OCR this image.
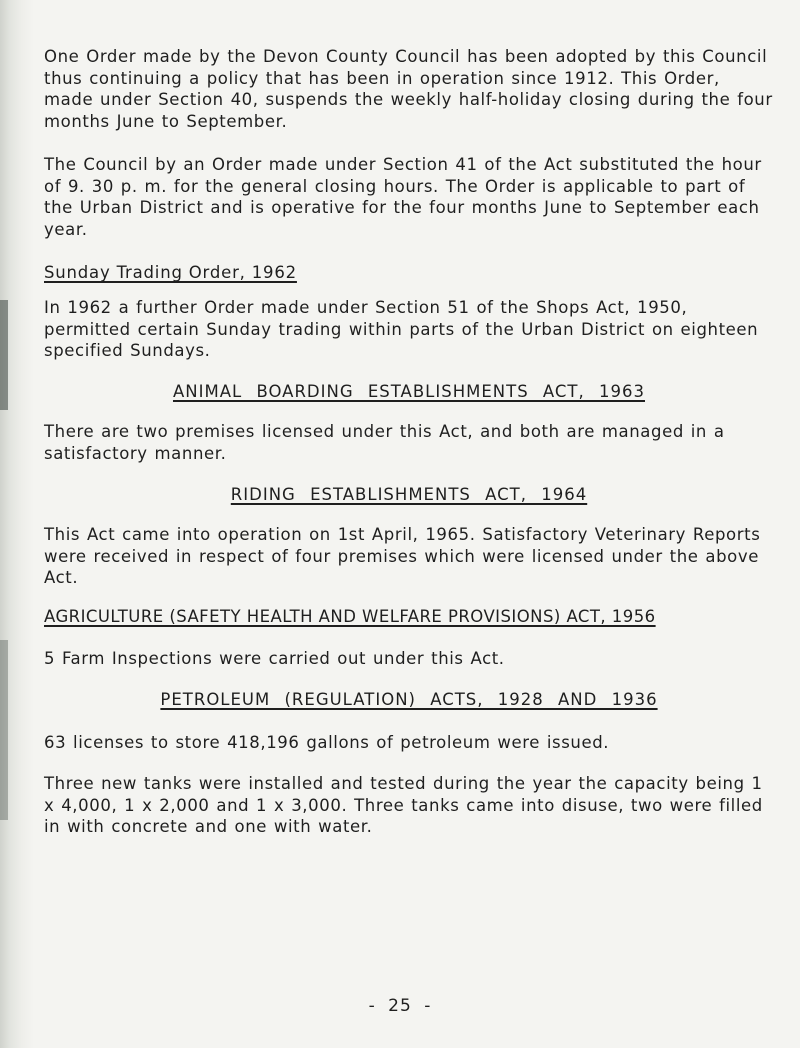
One Order made by the Devon County Council has been adopted by this Council thus continuing a policy that has been in operation since 1912. This Order, made under Section 40, suspends the weekly half-holiday closing during the four months June to September.

The Council by an Order made under Section 41 of the Act substituted the hour of 9. 30 p. m. for the general closing hours. The Order is applicable to part of the Urban District and is operative for the four months June to September each year.

Sunday Trading Order, 1962

In 1962 a further Order made under Section 51 of the Shops Act, 1950, permitted certain Sunday trading within parts of the Urban District on eighteen specified Sundays.

ANIMAL BOARDING ESTABLISHMENTS ACT, 1963

There are two premises licensed under this Act, and both are managed in a satisfactory manner.

RIDING ESTABLISHMENTS ACT, 1964

This Act came into operation on 1st April, 1965. Satisfactory Veterinary Reports were received in respect of four premises which were licensed under the above Act.

AGRICULTURE (SAFETY HEALTH AND WELFARE PROVISIONS) ACT, 1956

5 Farm Inspections were carried out under this Act.

PETROLEUM (REGULATION) ACTS, 1928 AND 1936

63 licenses to store 418,196 gallons of petroleum were issued.

Three new tanks were installed and tested during the year the capacity being 1 x 4,000, 1 x 2,000 and 1 x 3,000. Three tanks came into disuse, two were filled in with concrete and one with water.

- 25 -
